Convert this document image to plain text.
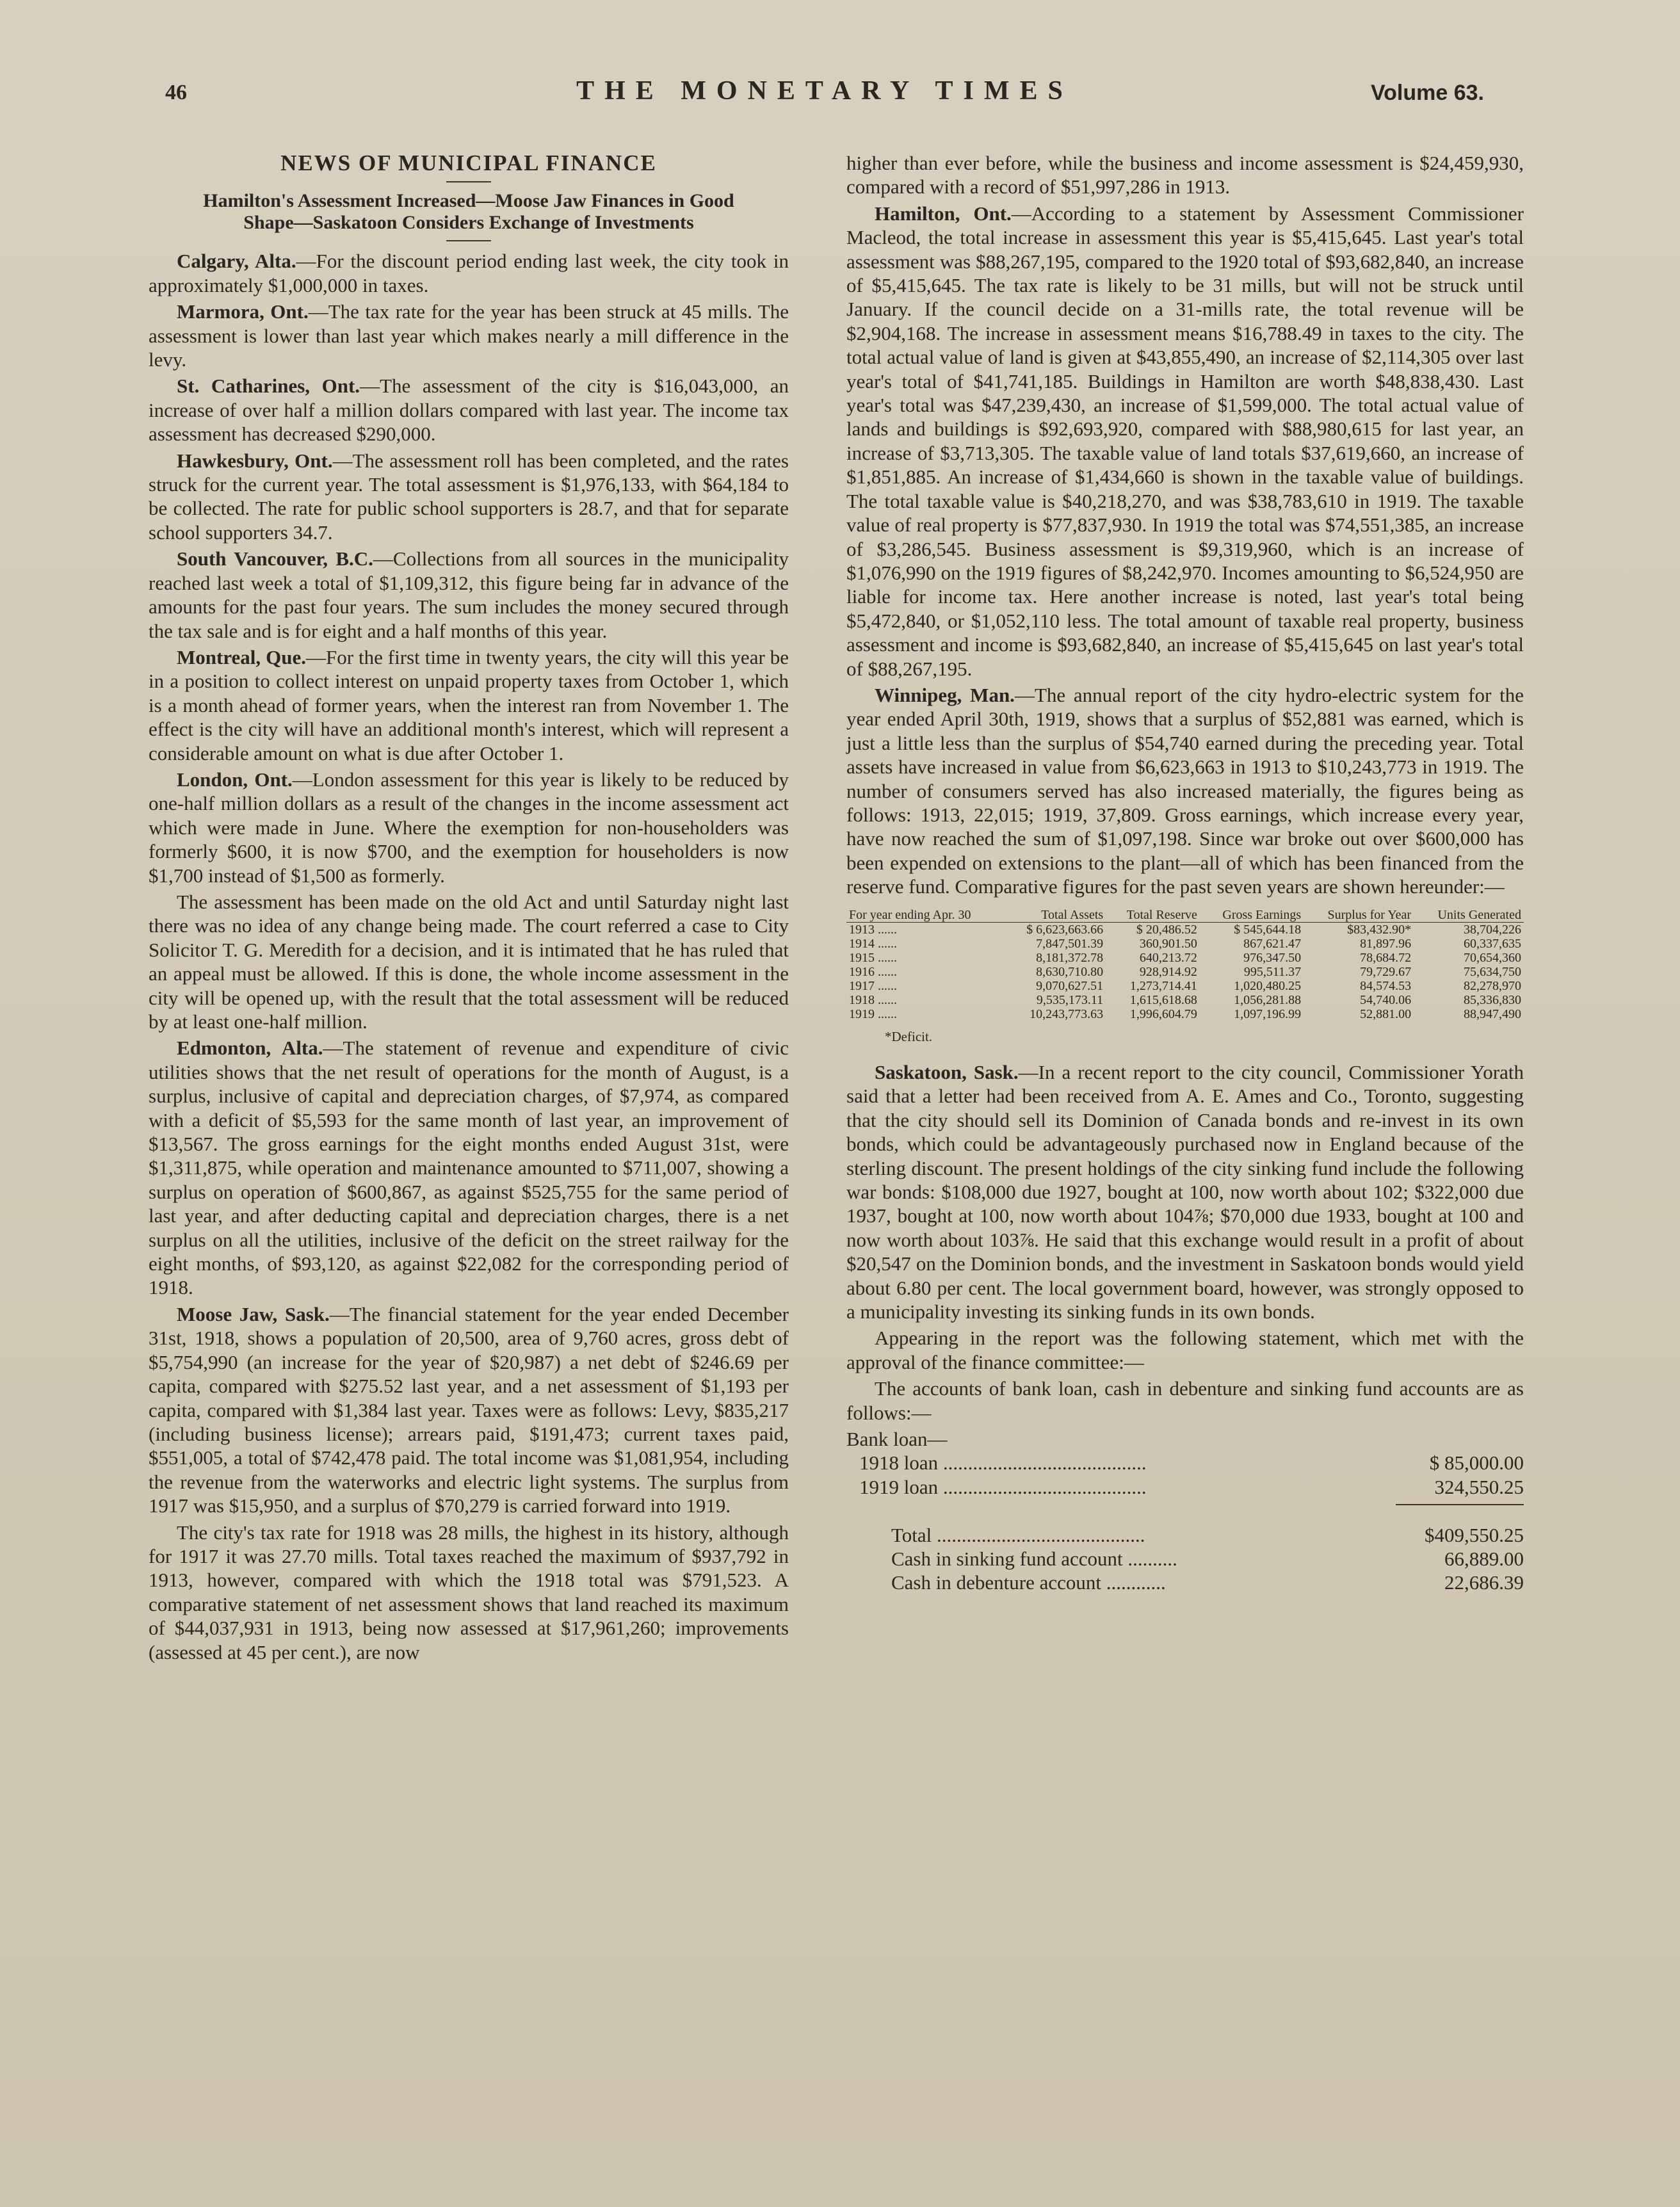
46	THE MONETARY TIMES	Volume 63.
NEWS OF MUNICIPAL FINANCE
Hamilton's Assessment Increased—Moose Jaw Finances in Good Shape—Saskatoon Considers Exchange of Investments

Calgary, Alta.—For the discount period ending last week, the city took in approximately $1,000,000 in taxes.

Marmora, Ont.—The tax rate for the year has been struck at 45 mills. The assessment is lower than last year which makes nearly a mill difference in the levy.

St. Catharines, Ont.—The assessment of the city is $16,043,000, an increase of over half a million dollars compared with last year. The income tax assessment has decreased $290,000.

Hawkesbury, Ont.—The assessment roll has been completed, and the rates struck for the current year. The total assessment is $1,976,133, with $64,184 to be collected. The rate for public school supporters is 28.7, and that for separate school supporters 34.7.

South Vancouver, B.C.—Collections from all sources in the municipality reached last week a total of $1,109,312, this figure being far in advance of the amounts for the past four years. The sum includes the money secured through the tax sale and is for eight and a half months of this year.

Montreal, Que.—For the first time in twenty years, the city will this year be in a position to collect interest on unpaid property taxes from October 1, which is a month ahead of former years, when the interest ran from November 1. The effect is the city will have an additional month's interest, which will represent a considerable amount on what is due after October 1.

London, Ont.—London assessment for this year is likely to be reduced by one-half million dollars as a result of the changes in the income assessment act which were made in June. Where the exemption for non-householders was formerly $600, it is now $700, and the exemption for householders is now $1,700 instead of $1,500 as formerly.

The assessment has been made on the old Act and until Saturday night last there was no idea of any change being made. The court referred a case to City Solicitor T. G. Meredith for a decision, and it is intimated that he has ruled that an appeal must be allowed. If this is done, the whole income assessment in the city will be opened up, with the result that the total assessment will be reduced by at least one-half million.

Edmonton, Alta.—The statement of revenue and expenditure of civic utilities shows that the net result of operations for the month of August, is a surplus, inclusive of capital and depreciation charges, of $7,974, as compared with a deficit of $5,593 for the same month of last year, an improvement of $13,567. The gross earnings for the eight months ended August 31st, were $1,311,875, while operation and maintenance amounted to $711,007, showing a surplus on operation of $600,867, as against $525,755 for the same period of last year, and after deducting capital and depreciation charges, there is a net surplus on all the utilities, inclusive of the deficit on the street railway for the eight months, of $93,120, as against $22,082 for the corresponding period of 1918.

Moose Jaw, Sask.—The financial statement for the year ended December 31st, 1918, shows a population of 20,500, area of 9,760 acres, gross debt of $5,754,990 (an increase for the year of $20,987) a net debt of $246.69 per capita, compared with $275.52 last year, and a net assessment of $1,193 per capita, compared with $1,384 last year. Taxes were as follows: Levy, $835,217 (including business license); arrears paid, $191,473; current taxes paid, $551,005, a total of $742,478 paid. The total income was $1,081,954, including the revenue from the waterworks and electric light systems. The surplus from 1917 was $15,950, and a surplus of $70,279 is carried forward into 1919.

The city's tax rate for 1918 was 28 mills, the highest in its history, although for 1917 it was 27.70 mills. Total taxes reached the maximum of $937,792 in 1913, however, compared with which the 1918 total was $791,523. A comparative statement of net assessment shows that land reached its maximum of $44,037,931 in 1913, being now assessed at $17,961,260; improvements (assessed at 45 per cent.), are now

higher than ever before, while the business and income assessment is $24,459,930, compared with a record of $51,997,286 in 1913.

Hamilton, Ont.—According to a statement by Assessment Commissioner Macleod, the total increase in assessment this year is $5,415,645. Last year's total assessment was $88,267,195, compared to the 1920 total of $93,682,840, an increase of $5,415,645. The tax rate is likely to be 31 mills, but will not be struck until January. If the council decide on a 31-mills rate, the total revenue will be $2,904,168. The increase in assessment means $16,788.49 in taxes to the city. The total actual value of land is given at $43,855,490, an increase of $2,114,305 over last year's total of $41,741,185. Buildings in Hamilton are worth $48,838,430. Last year's total was $47,239,430, an increase of $1,599,000. The total actual value of lands and buildings is $92,693,920, compared with $88,980,615 for last year, an increase of $3,713,305. The taxable value of land totals $37,619,660, an increase of $1,851,885. An increase of $1,434,660 is shown in the taxable value of buildings. The total taxable value is $40,218,270, and was $38,783,610 in 1919. The taxable value of real property is $77,837,930. In 1919 the total was $74,551,385, an increase of $3,286,545. Business assessment is $9,319,960, which is an increase of $1,076,990 on the 1919 figures of $8,242,970. Incomes amounting to $6,524,950 are liable for income tax. Here another increase is noted, last year's total being $5,472,840, or $1,052,110 less. The total amount of taxable real property, business assessment and income is $93,682,840, an increase of $5,415,645 on last year's total of $88,267,195.

Winnipeg, Man.—The annual report of the city hydro-electric system for the year ended April 30th, 1919, shows that a surplus of $52,881 was earned, which is just a little less than the surplus of $54,740 earned during the preceding year. Total assets have increased in value from $6,623,663 in 1913 to $10,243,773 in 1919. The number of consumers served has also increased materially, the figures being as follows: 1913, 22,015; 1919, 37,809. Gross earnings, which increase every year, have now reached the sum of $1,097,198. Since war broke out over $600,000 has been expended on extensions to the plant—all of which has been financed from the reserve fund. Comparative figures for the past seven years are shown hereunder:—

For year ending Apr. 30	Total Assets	Total Reserve	Gross Earnings	Surplus for Year	Units Generated
1913 ......	$ 6,623,663.66	$ 20,486.52	$ 545,644.18	$83,432.90*	38,704,226
1914 ......	7,847,501.39	360,901.50	867,621.47	81,897.96	60,337,635
1915 ......	8,181,372.78	640,213.72	976,347.50	78,684.72	70,654,360
1916 ......	8,630,710.80	928,914.92	995,511.37	79,729.67	75,634,750
1917 ......	9,070,627.51	1,273,714.41	1,020,480.25	84,574.53	82,278,970
1918 ......	9,535,173.11	1,615,618.68	1,056,281.88	54,740.06	85,336,830
1919 ......	10,243,773.63	1,996,604.79	1,097,196.99	52,881.00	88,947,490
*Deficit.

Saskatoon, Sask.—In a recent report to the city council, Commissioner Yorath said that a letter had been received from A. E. Ames and Co., Toronto, suggesting that the city should sell its Dominion of Canada bonds and re-invest in its own bonds, which could be advantageously purchased now in England because of the sterling discount. The present holdings of the city sinking fund include the following war bonds: $108,000 due 1927, bought at 100, now worth about 102; $322,000 due 1937, bought at 100, now worth about 104⅞; $70,000 due 1933, bought at 100 and now worth about 103⅞. He said that this exchange would result in a profit of about $20,547 on the Dominion bonds, and the investment in Saskatoon bonds would yield about 6.80 per cent. The local government board, however, was strongly opposed to a municipality investing its sinking funds in its own bonds.

Appearing in the report was the following statement, which met with the approval of the finance committee:—

The accounts of bank loan, cash in debenture and sinking fund accounts are as follows:—

Bank loan—
1918 loan .........................................	$ 85,000.00
1919 loan .........................................	324,550.25
Total ..........................................	$409,550.25
Cash in sinking fund account ..........	66,889.00
Cash in debenture account ............	22,686.39
